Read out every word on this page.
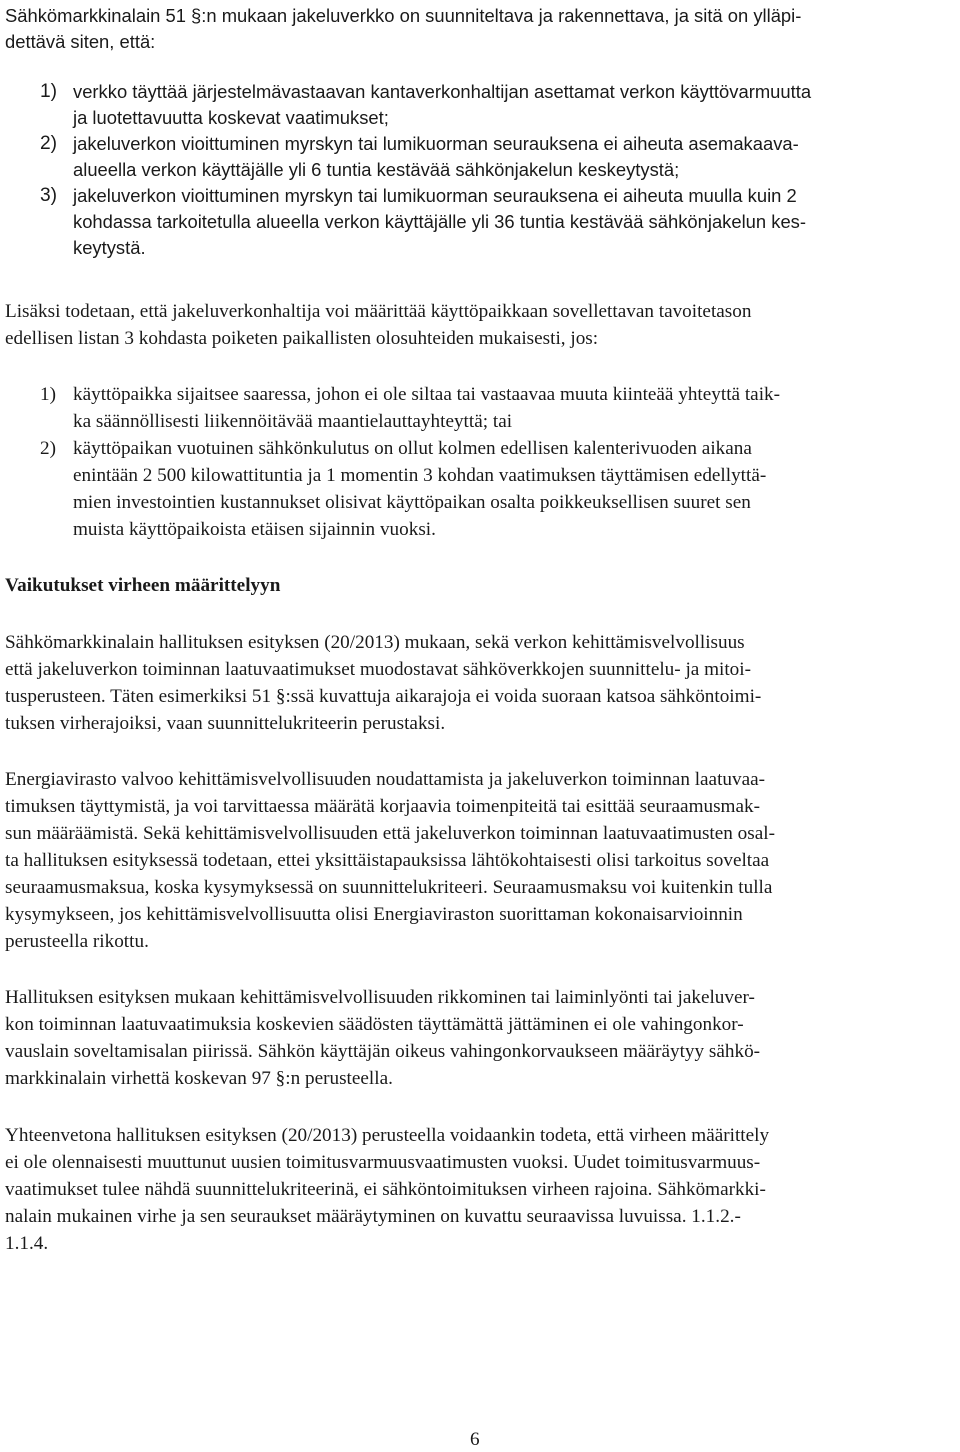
Sähkömarkkinalain 51 §:n mukaan jakeluverkko on suunniteltava ja rakennettava, ja sitä on ylläpi-
dettävä siten, että:
1) verkko täyttää järjestelmävastaavan kantaverkonhaltijan asettamat verkon käyttövarmuutta
ja luotettavuutta koskevat vaatimukset;
2) jakeluverkon vioittuminen myrskyn tai lumikuorman seurauksena ei aiheuta asemakaava-
alueella verkon käyttäjälle yli 6 tuntia kestävää sähkönjakelun keskeytystä;
3) jakeluverkon vioittuminen myrskyn tai lumikuorman seurauksena ei aiheuta muulla kuin 2
kohdassa tarkoitetulla alueella verkon käyttäjälle yli 36 tuntia kestävää sähkönjakelun kes-
keytystä.
Lisäksi todetaan, että jakeluverkonhaltija voi määrittää käyttöpaikkaan sovellettavan tavoitetason
edellisen listan 3 kohdasta poiketen paikallisten olosuhteiden mukaisesti, jos:
1) käyttöpaikka sijaitsee saaressa, johon ei ole siltaa tai vastaavaa muuta kiinteää yhteyttä taik-
ka säännöllisesti liikennöitävää maantielauttayhteyttä; tai
2) käyttöpaikan vuotuinen sähkönkulutus on ollut kolmen edellisen kalenterivuoden aikana
enintään 2 500 kilowattituntia ja 1 momentin 3 kohdan vaatimuksen täyttämisen edellyttä-
mien investointien kustannukset olisivat käyttöpaikan osalta poikkeuksellisen suuret sen
muista käyttöpaikoista etäisen sijainnin vuoksi.
Vaikutukset virheen määrittelyyn
Sähkömarkkinalain hallituksen esityksen (20/2013) mukaan, sekä verkon kehittämisvelvollisuus
että jakeluverkon toiminnan laatuvaatimukset muodostavat sähköverkkojen suunnittelu- ja mitoi-
tusperusteen. Täten esimerkiksi 51 §:ssä kuvattuja aikarajoja ei voida suoraan katsoa sähköntoimi-
tuksen virherajoiksi, vaan suunnittelukriteerin perustaksi.
Energiavirasto valvoo kehittämisvelvollisuuden noudattamista ja jakeluverkon toiminnan laatuvaa-
timuksen täyttymistä, ja voi tarvittaessa määrätä korjaavia toimenpiteitä tai esittää seuraamusmak-
sun määräämistä. Sekä kehittämisvelvollisuuden että jakeluverkon toiminnan laatuvaatimusten osal-
ta hallituksen esityksessä todetaan, ettei yksittäistapauksissa lähtökohtaisesti olisi tarkoitus soveltaa
seuraamusmaksua, koska kysymyksessä on suunnittelukriteeri. Seuraamusmaksu voi kuitenkin tulla
kysymykseen, jos kehittämisvelvollisuutta olisi Energiaviraston suorittaman kokonaisarvioinnin
perusteella rikottu.
Hallituksen esityksen mukaan kehittämisvelvollisuuden rikkominen tai laiminlyönti tai jakeluver-
kon toiminnan laatuvaatimuksia koskevien säädösten täyttämättä jättäminen ei ole vahingonkor-
vauslain soveltamisalan piirissä. Sähkön käyttäjän oikeus vahingonkorvaukseen määräytyy sähkö-
markkinalain virhettä koskevan 97 §:n perusteella.
Yhteenvetona hallituksen esityksen (20/2013) perusteella voidaankin todeta, että virheen määrittely
ei ole olennaisesti muuttunut uusien toimitusvarmuusvaatimusten vuoksi. Uudet toimitusvarmuus-
vaatimukset tulee nähdä suunnittelukriteerinä, ei sähköntoimituksen virheen rajoina. Sähkömarkki-
nalain mukainen virhe ja sen seuraukset määräytyminen on kuvattu seuraavissa luvuissa. 1.1.2.-
1.1.4.
6
